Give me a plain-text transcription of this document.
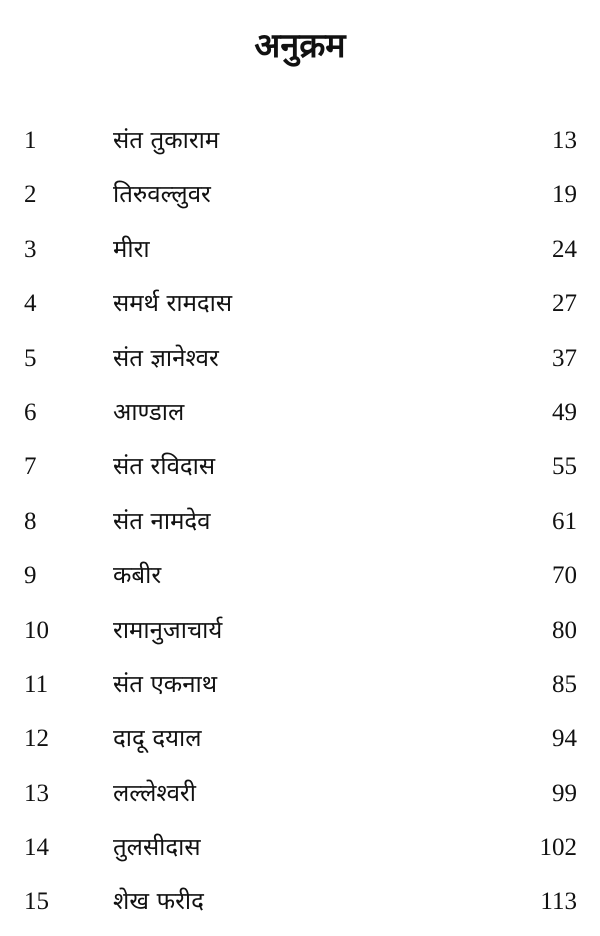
अनुक्रम
1	संत तुकाराम	13
2	तिरुवल्लुवर	19
3	मीरा	24
4	समर्थ रामदास	27
5	संत ज्ञानेश्वर	37
6	आण्डाल	49
7	संत रविदास	55
8	संत नामदेव	61
9	कबीर	70
10	रामानुजाचार्य	80
11	संत एकनाथ	85
12	दादू दयाल	94
13	लल्लेश्वरी	99
14	तुलसीदास	102
15	शेख फरीद	113
